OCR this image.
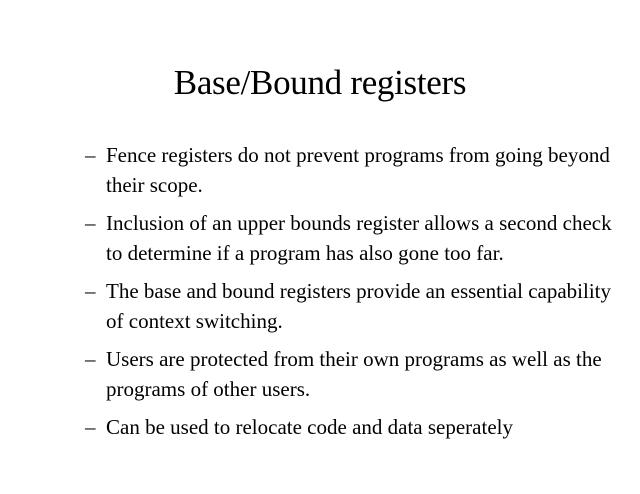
Base/Bound registers
– Fence registers do not prevent programs from going beyond their scope.
– Inclusion of an upper bounds register allows a second check to determine if a program has also gone too far.
– The base and bound registers provide an essential capability of context switching.
– Users are protected from their own programs as well as the programs of other users.
– Can be used to relocate code and data seperately
